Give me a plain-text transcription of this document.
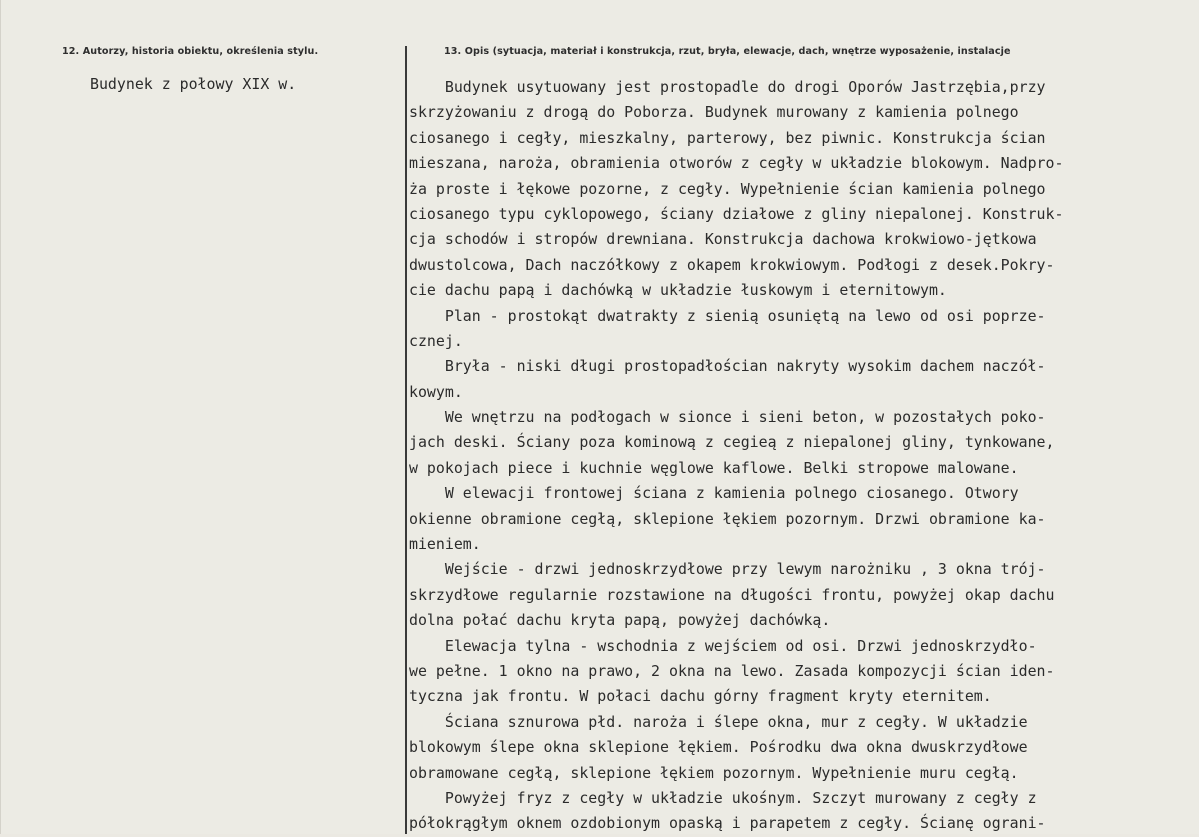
12. Autorzy, historia obiektu, określenia stylu.	13. Opis (sytuacja, materiał i konstrukcja, rzut, bryła, elewacje, dach, wnętrze wyposażenie, instalacje
Budynek z połowy XIX w.	Budynek usytuowany jest prostopadle do drogi Oporów Jastrzębia,przy
skrzyżowaniu z drogą do Poborza. Budynek murowany z kamienia polnego
ciosanego i cegły, mieszkalny, parterowy, bez piwnic. Konstrukcja ścian
mieszana, naroża, obramienia otworów z cegły w układzie blokowym. Nadpro-
ża proste i łękowe pozorne, z cegły. Wypełnienie ścian kamienia polnego
ciosanego typu cyklopowego, ściany działowe z gliny niepalonej. Konstruk-
cja schodów i stropów drewniana. Konstrukcja dachowa krokwiowo-jętkowa
dwustolcowa, Dach naczółkowy z okapem krokwiowym. Podłogi z desek.Pokry-
cie dachu papą i dachówką w układzie łuskowym i eternitowym.
Plan - prostokąt dwatrakty z sienią osuniętą na lewo od osi poprze-
cznej.
Bryła - niski długi prostopadłościan nakryty wysokim dachem naczół-
kowym.
We wnętrzu na podłogach w sionce i sieni beton, w pozostałych poko-
jach deski. Ściany poza kominową z cegieą z niepalonej gliny, tynkowane,
w pokojach piece i kuchnie węglowe kaflowe. Belki stropowe malowane.
W elewacji frontowej ściana z kamienia polnego ciosanego. Otwory
okienne obramione cegłą, sklepione łękiem pozornym. Drzwi obramione ka-
mieniem.
Wejście - drzwi jednoskrzydłowe przy lewym narożniku , 3 okna trój-
skrzydłowe regularnie rozstawione na długości frontu, powyżej okap dachu
dolna połać dachu kryta papą, powyżej dachówką.
Elewacja tylna - wschodnia z wejściem od osi. Drzwi jednoskrzydło-
we pełne. 1 okno na prawo, 2 okna na lewo. Zasada kompozycji ścian iden-
tyczna jak frontu. W połaci dachu górny fragment kryty eternitem.
Ściana sznurowa płd. naroża i ślepe okna, mur z cegły. W układzie
blokowym ślepe okna sklepione łękiem. Pośrodku dwa okna dwuskrzydłowe
obramowane cegłą, sklepione łękiem pozornym. Wypełnienie muru cegłą.
Powyżej fryz z cegły w układzie ukośnym. Szczyt murowany z cegły z
półokrągłym oknem ozdobionym opaską i parapetem z cegły. Ścianę ograni-
